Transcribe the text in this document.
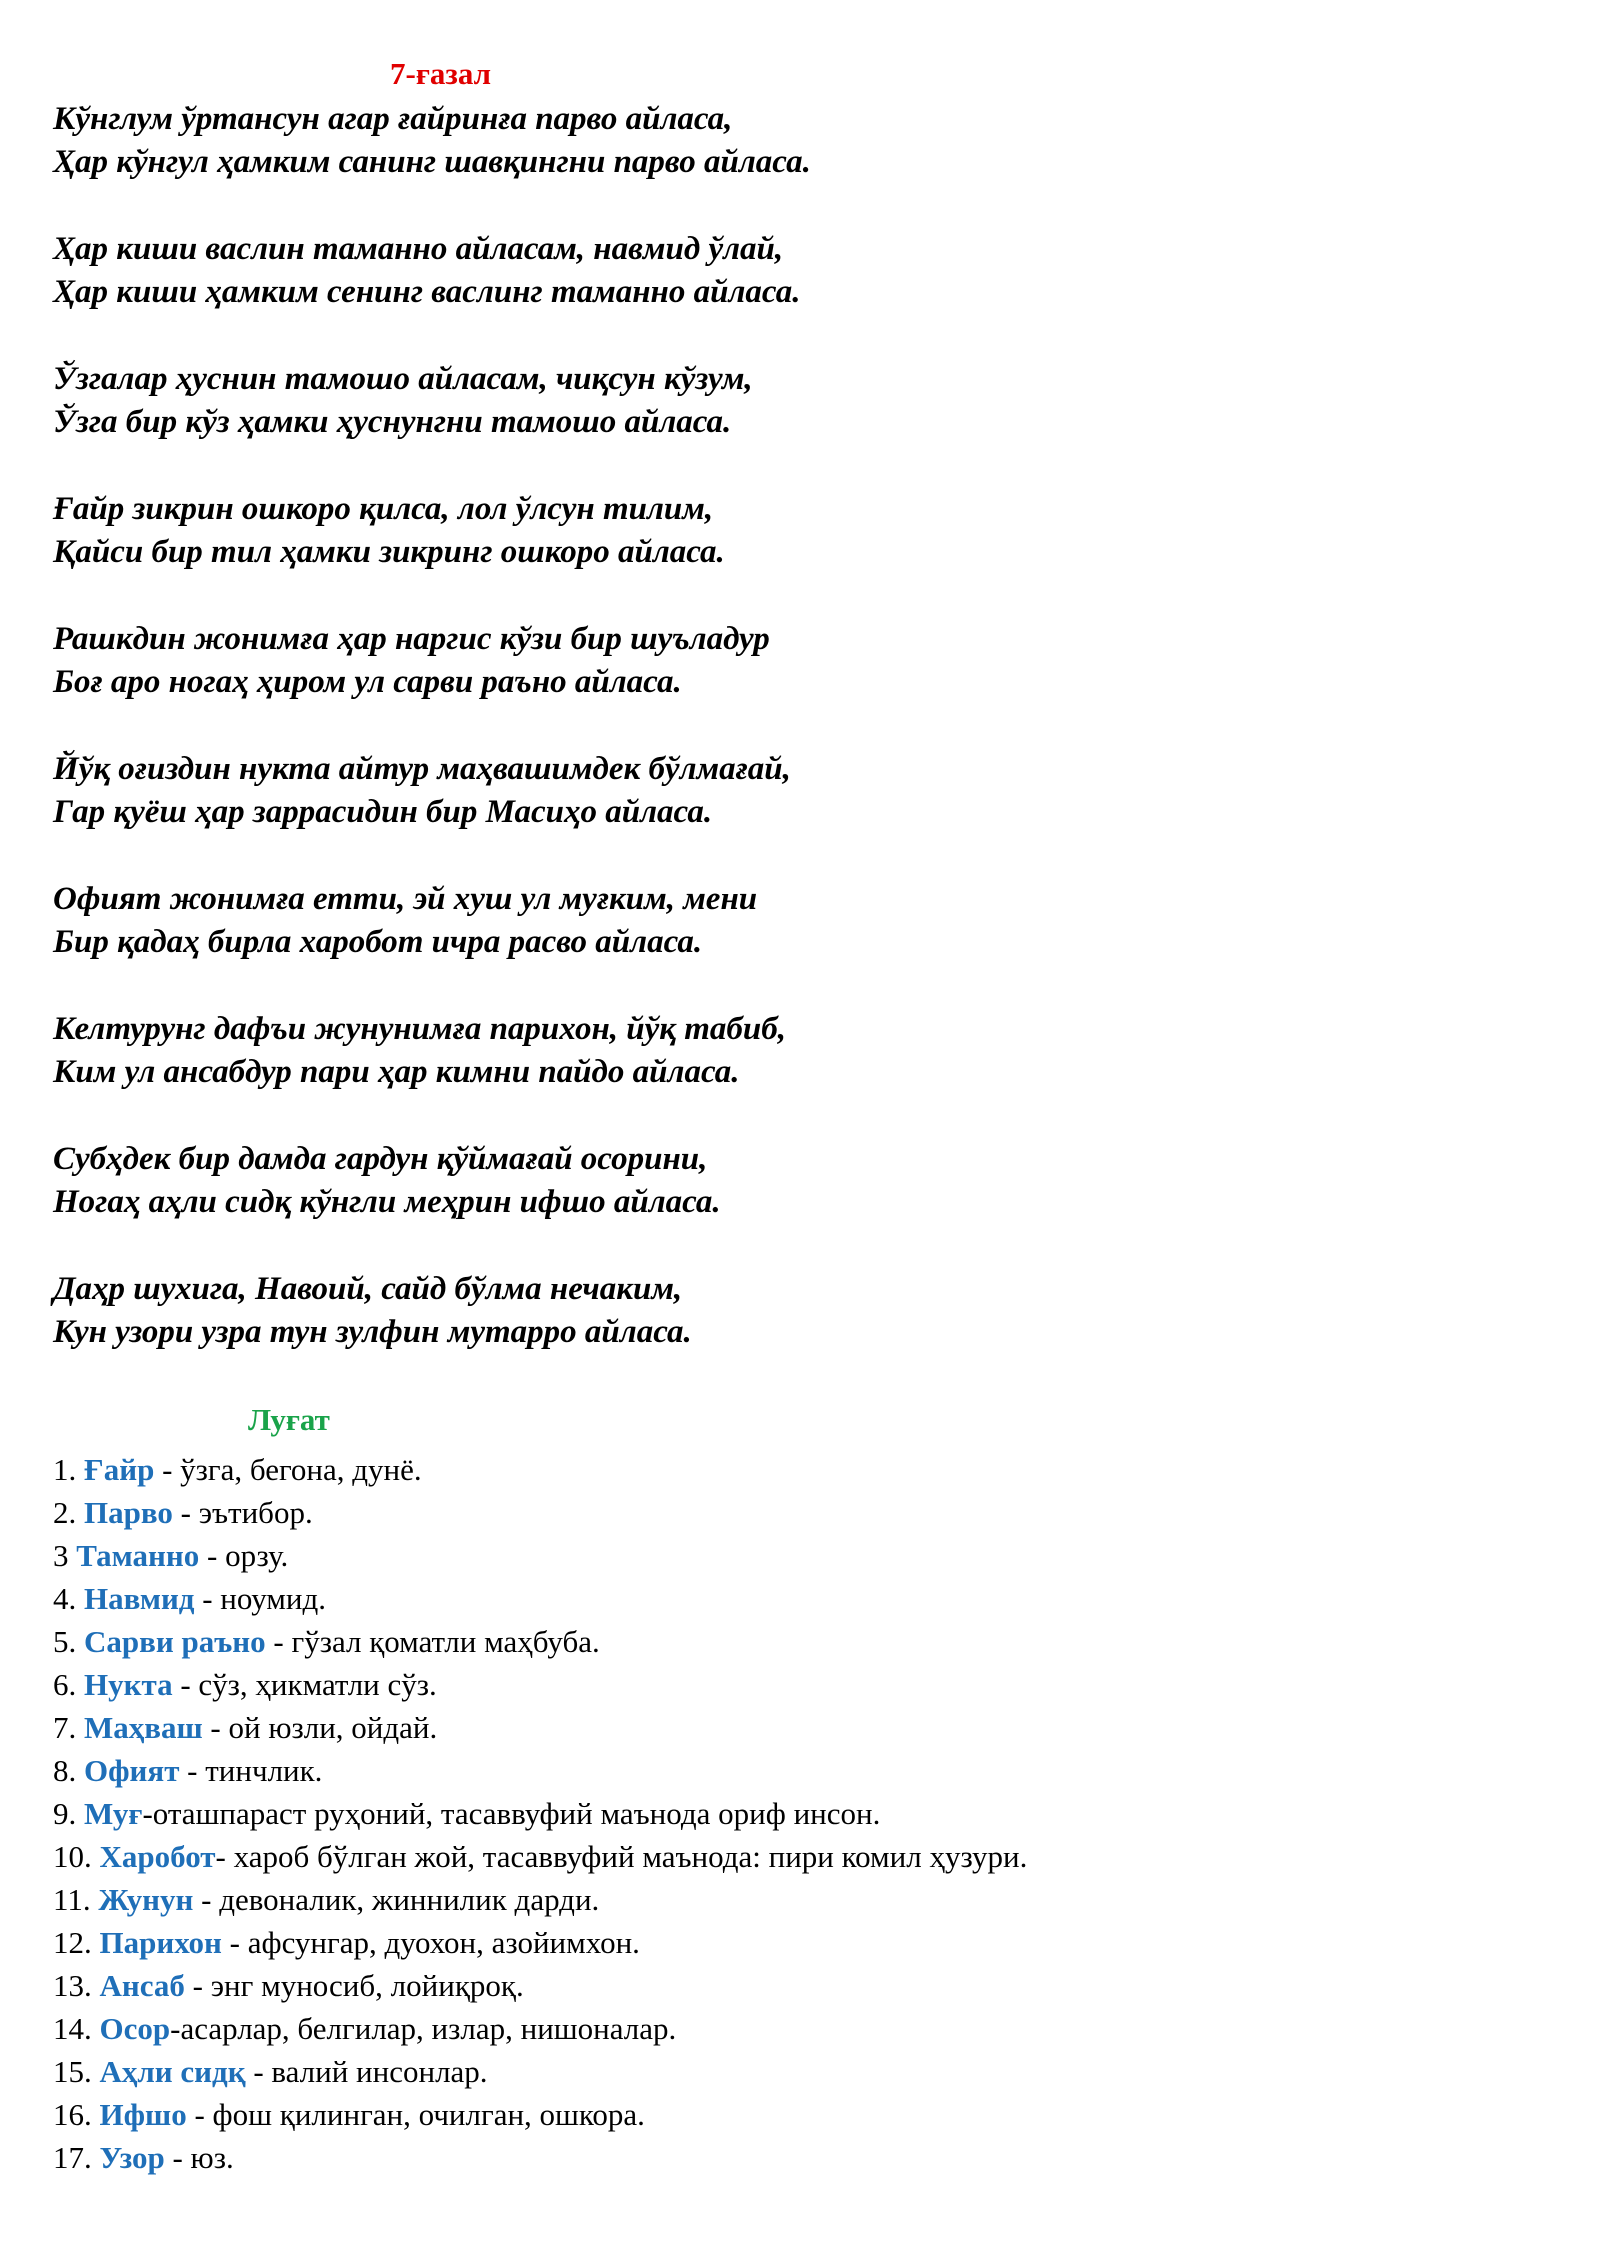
7-ғазал
Кўнглум ўртансун агар ғайринға парво айласа,
Ҳар кўнгул ҳамким санинг шавқингни парво айласа.
Ҳар киши васлин таманно айласам, навмид ўлай,
Ҳар киши ҳамким сенинг васлинг таманно айласа.
Ўзгалар ҳуснин тамошо айласам, чиқсун кўзум,
Ўзга бир кўз ҳамки ҳуснунгни тамошо айласа.
Ғайр зикрин ошкоро қилса, лол ўлсун тилим,
Қайси бир тил ҳамки зикринг ошкоро айласа.
Рашкдин жонимға ҳар наргис кўзи бир шуъладур
Боғ аро ногаҳ ҳиром ул сарви раъно айласа.
Йўқ оғиздин нукта айтур маҳвашимдек бўлмағай,
Гар қуёш ҳар заррасидин бир Масиҳо айласа.
Офият жонимға етти, эй хуш ул муғким, мени
Бир қадаҳ бирла харобот ичра расво айласа.
Келтурунг дафъи жунунимға парихон, йўқ табиб,
Ким ул ансабдур пари ҳар кимни пайдо айласа.
Субҳдек бир дамда гардун қўймағай осорини,
Ногаҳ аҳли сидқ кўнгли меҳрин ифшо айласа.
Даҳр шухига, Навоий, сайд бўлма нечаким,
Кун узори узра тун зулфин мутарро айласа.
Луғат
1. Ғайр - ўзга, бегона, дунё.
2. Парво - эътибор.
3 Таманно - орзу.
4. Навмид - ноумид.
5. Сарви раъно - гўзал қоматли маҳбуба.
6. Нукта - сўз, ҳикматли сўз.
7. Маҳваш - ой юзли, ойдай.
8. Офият - тинчлик.
9. Муғ-оташпараст руҳоний, тасаввуфий маънода ориф инсон.
10. Харобот- хароб бўлган жой, тасаввуфий маънода: пири комил ҳузури.
11. Жунун - девоналик, жиннилик дарди.
12. Парихон - афсунгар, дуохон, азойимхон.
13. Ансаб - энг муносиб, лойиқроқ.
14. Осор-асарлар, белгилар, излар, нишоналар.
15. Аҳли сидқ - валий инсонлар.
16. Ифшо - фош қилинган, очилган, ошкора.
17. Узор - юз.
